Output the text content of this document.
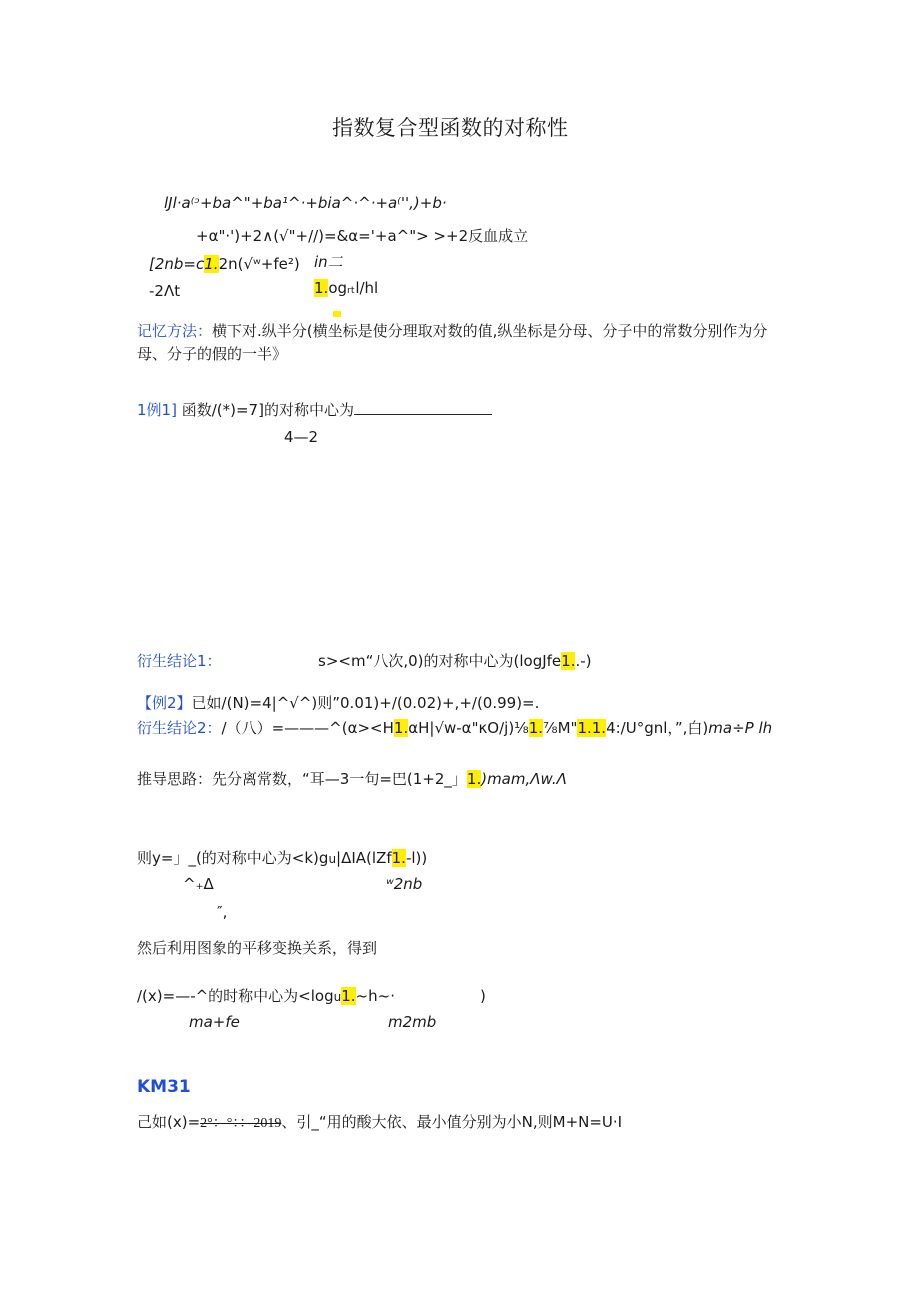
指数复合型函数的对称性
lJl·a⁽ᵓ+ba^"+ba¹^·+bia^·^·+a⁽'',)+b·
+α"·')+2∧(√"+//)=&α='+a^"> >+2反血成立
[2nb=c1.2n(√ʷ+fe²) in二
-2Λt	1.ogᵣₜl/hl
记忆方法：横下对.纵半分(横坐标是使分理取对数的值,纵坐标是分母、分子中的常数分别作为分
母、分子的假的一半》
1例1] 函数/(*)=7]的对称中心为
4—2
衍生结论1：	s><m“八次,0)的对称中心为(logJfe1..-)
【例2】已如/(N)=4|^√^)则”0.01)+/(0.02)+,+/(0.99)=.
衍生结论2：/（八）=———^(α><H1.αH|√w-α"κO∕j)⅛1.⅞M"1.1.4:/U°gnl，”,白)ma÷P lh
推导思路：先分离常数，“耳—3一句=巴(1+2_」1.)mam,Λw.Λ
则y=」_(的对称中心为<k)gu|ΔIA(lZf1.-l))
^₊Δ	ʷ2nb
″,
然后利用图象的平移变换关系，得到
/(x)=—-^的时称中心为<logu1.~h~·	)
ma+fe	m2mb
KM31
己如(x)=2°：°：：2019、引_“用的酸大依、最小值分别为小N,则M+N=U·I
